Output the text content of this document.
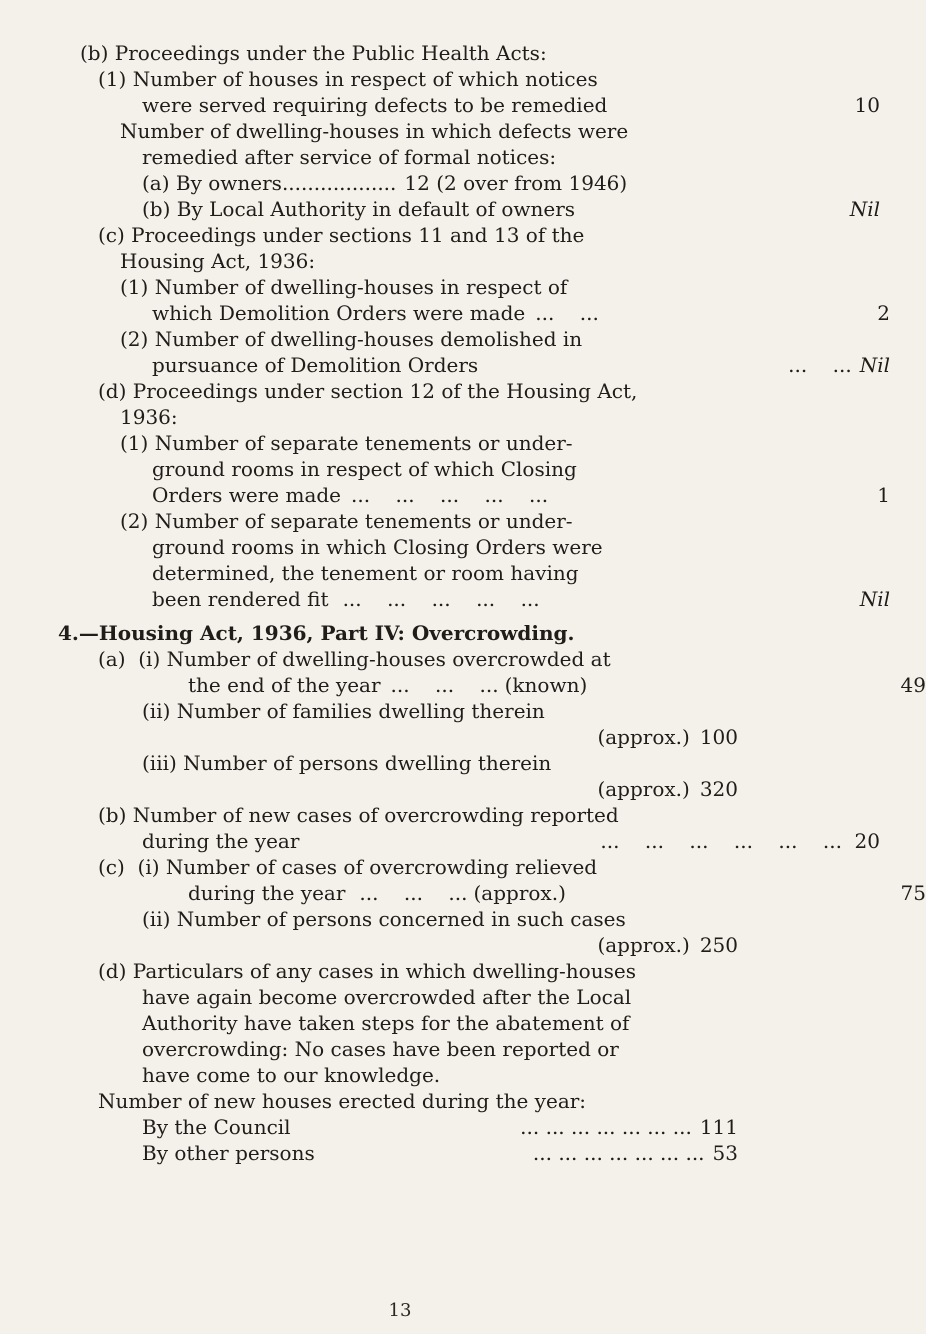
(b) Proceedings under the Public Health Acts:
(1) Number of houses in respect of which notices
were served requiring defects to be remedied	10
Number of dwelling-houses in which defects were
remedied after service of formal notices:
(a) By owners .................. 12 (2 over from 1946)
(b) By Local Authority in default of owners	Nil
(c) Proceedings under sections 11 and 13 of the
Housing Act, 1936:
(1) Number of dwelling-houses in respect of
which Demolition Orders were made ...    ...	2
(2) Number of dwelling-houses demolished in
pursuance of Demolition Orders	...    ... Nil
(d) Proceedings under section 12 of the Housing Act,
1936:
(1) Number of separate tenements or under-
ground rooms in respect of which Closing
Orders were made ...    ...    ...    ...    ...	1
(2) Number of separate tenements or under-
ground rooms in which Closing Orders were
determined, the tenement or room having
been rendered fit ...    ...    ...    ...    ...	Nil
4.—Housing Act, 1936, Part IV: Overcrowding.
(a)  (i) Number of dwelling-houses overcrowded at
the end of the year ...    ...    ... (known)	49
(ii) Number of families dwelling therein
(approx.) 100
(iii) Number of persons dwelling therein
(approx.) 320
(b) Number of new cases of overcrowding reported
during the year	...    ...    ...    ...    ...    ... 20
(c)  (i) Number of cases of overcrowding relieved
during the year ...    ...    ... (approx.)	75
(ii) Number of persons concerned in such cases
(approx.) 250
(d) Particulars of any cases in which dwelling-houses
13
have again become overcrowded after the Local
Authority have taken steps for the abatement of
overcrowding: No cases have been reported or
have come to our knowledge.
Number of new houses erected during the year:
By the Council	... ... ... ... ... ... ... 111
By other persons	... ... ... ... ... ... ... 53
